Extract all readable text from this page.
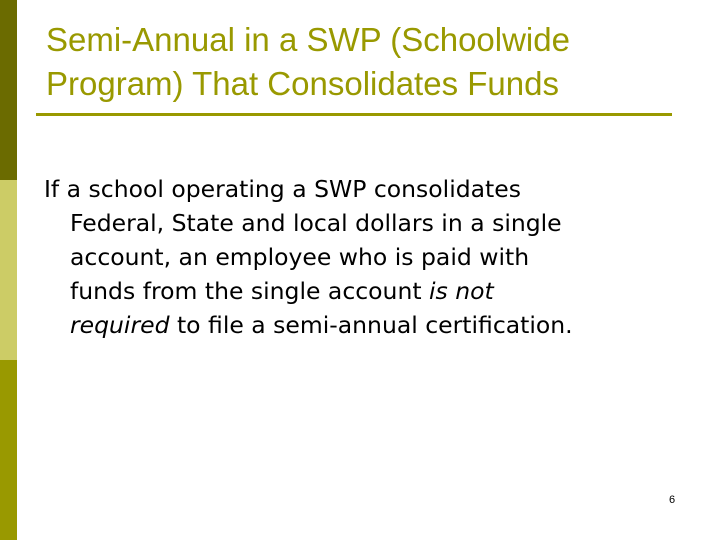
Semi-Annual in a SWP (Schoolwide
Program) That Consolidates Funds

If a school operating a SWP consolidates
Federal, State and local dollars in a single
account, an employee who is paid with
funds from the single account is not
required to file a semi-annual certification.

6
